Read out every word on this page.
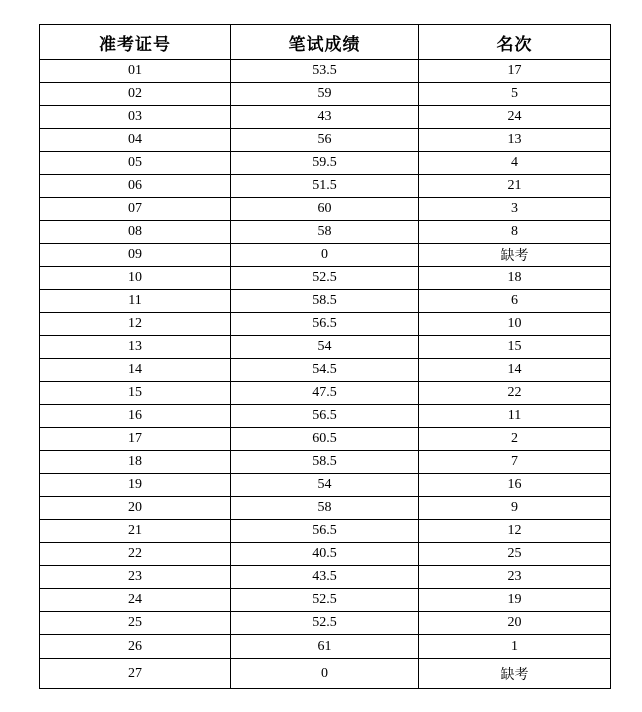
准考证号	笔试成绩	名次
01	53.5	17
02	59	5
03	43	24
04	56	13
05	59.5	4
06	51.5	21
07	60	3
08	58	8
09	0	缺考
10	52.5	18
11	58.5	6
12	56.5	10
13	54	15
14	54.5	14
15	47.5	22
16	56.5	11
17	60.5	2
18	58.5	7
19	54	16
20	58	9
21	56.5	12
22	40.5	25
23	43.5	23
24	52.5	19
25	52.5	20
26	61	1
27	0	缺考
